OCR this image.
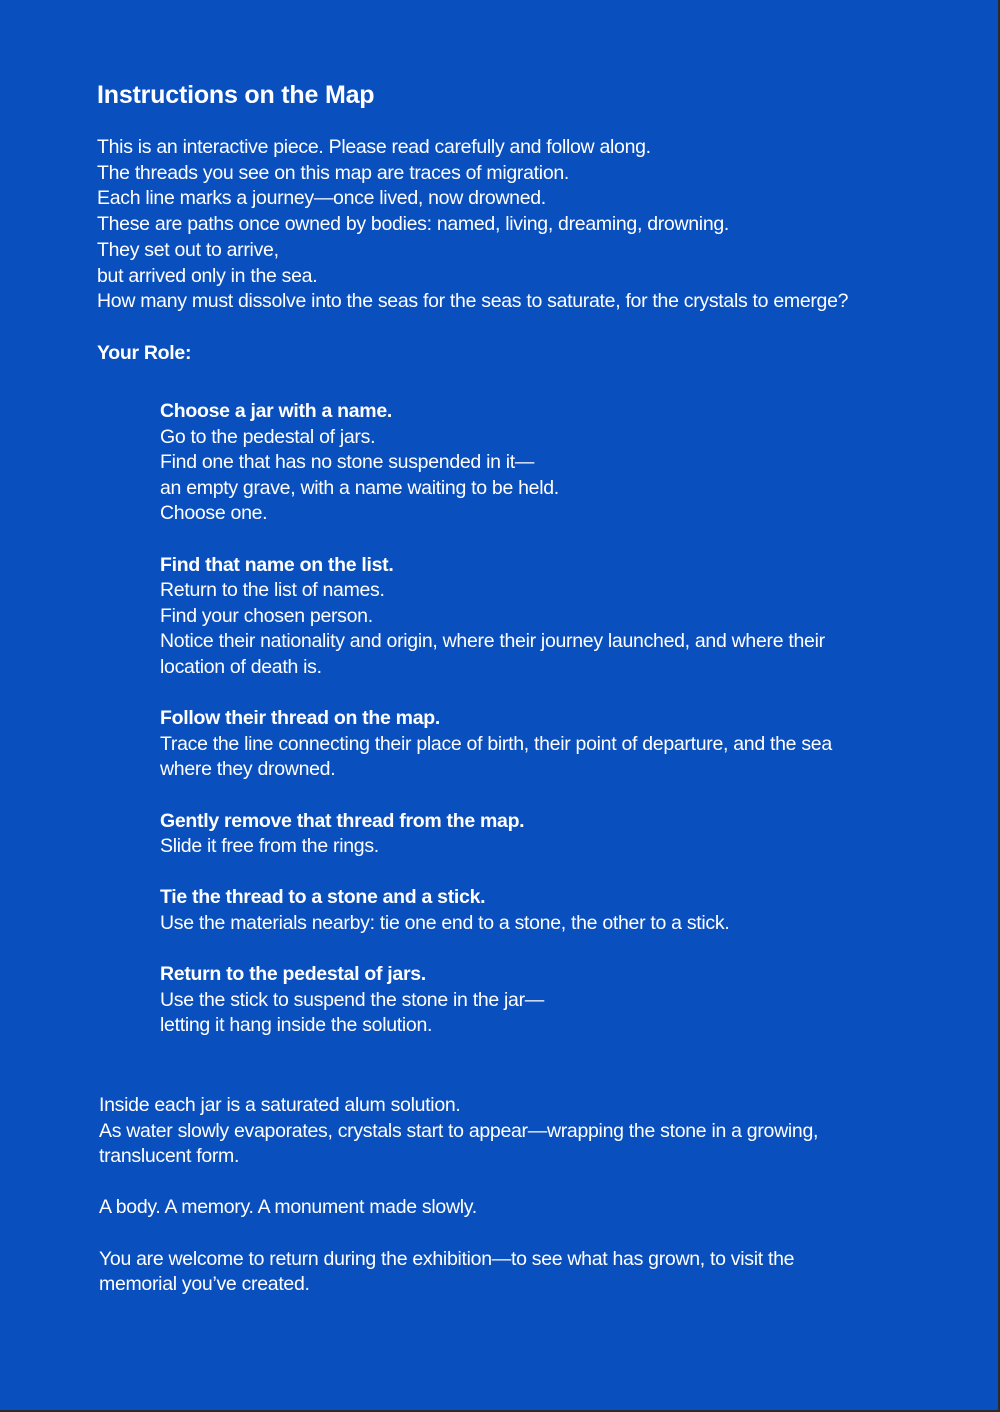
Instructions on the Map
This is an interactive piece. Please read carefully and follow along.
The threads you see on this map are traces of migration.
Each line marks a journey—once lived, now drowned.
These are paths once owned by bodies: named, living, dreaming, drowning.
They set out to arrive,
but arrived only in the sea.
How many must dissolve into the seas for the seas to saturate, for the crystals to emerge?
Your Role:
Choose a jar with a name.
Go to the pedestal of jars.
Find one that has no stone suspended in it—
an empty grave, with a name waiting to be held.
Choose one.
Find that name on the list.
Return to the list of names.
Find your chosen person.
Notice their nationality and origin, where their journey launched, and where their
location of death is.
Follow their thread on the map.
Trace the line connecting their place of birth, their point of departure, and the sea
where they drowned.
Gently remove that thread from the map.
Slide it free from the rings.
Tie the thread to a stone and a stick.
Use the materials nearby: tie one end to a stone, the other to a stick.
Return to the pedestal of jars.
Use the stick to suspend the stone in the jar—
letting it hang inside the solution.

Inside each jar is a saturated alum solution.
As water slowly evaporates, crystals start to appear—wrapping the stone in a growing,
translucent form.

A body. A memory. A monument made slowly.

You are welcome to return during the exhibition—to see what has grown, to visit the
memorial you’ve created.
